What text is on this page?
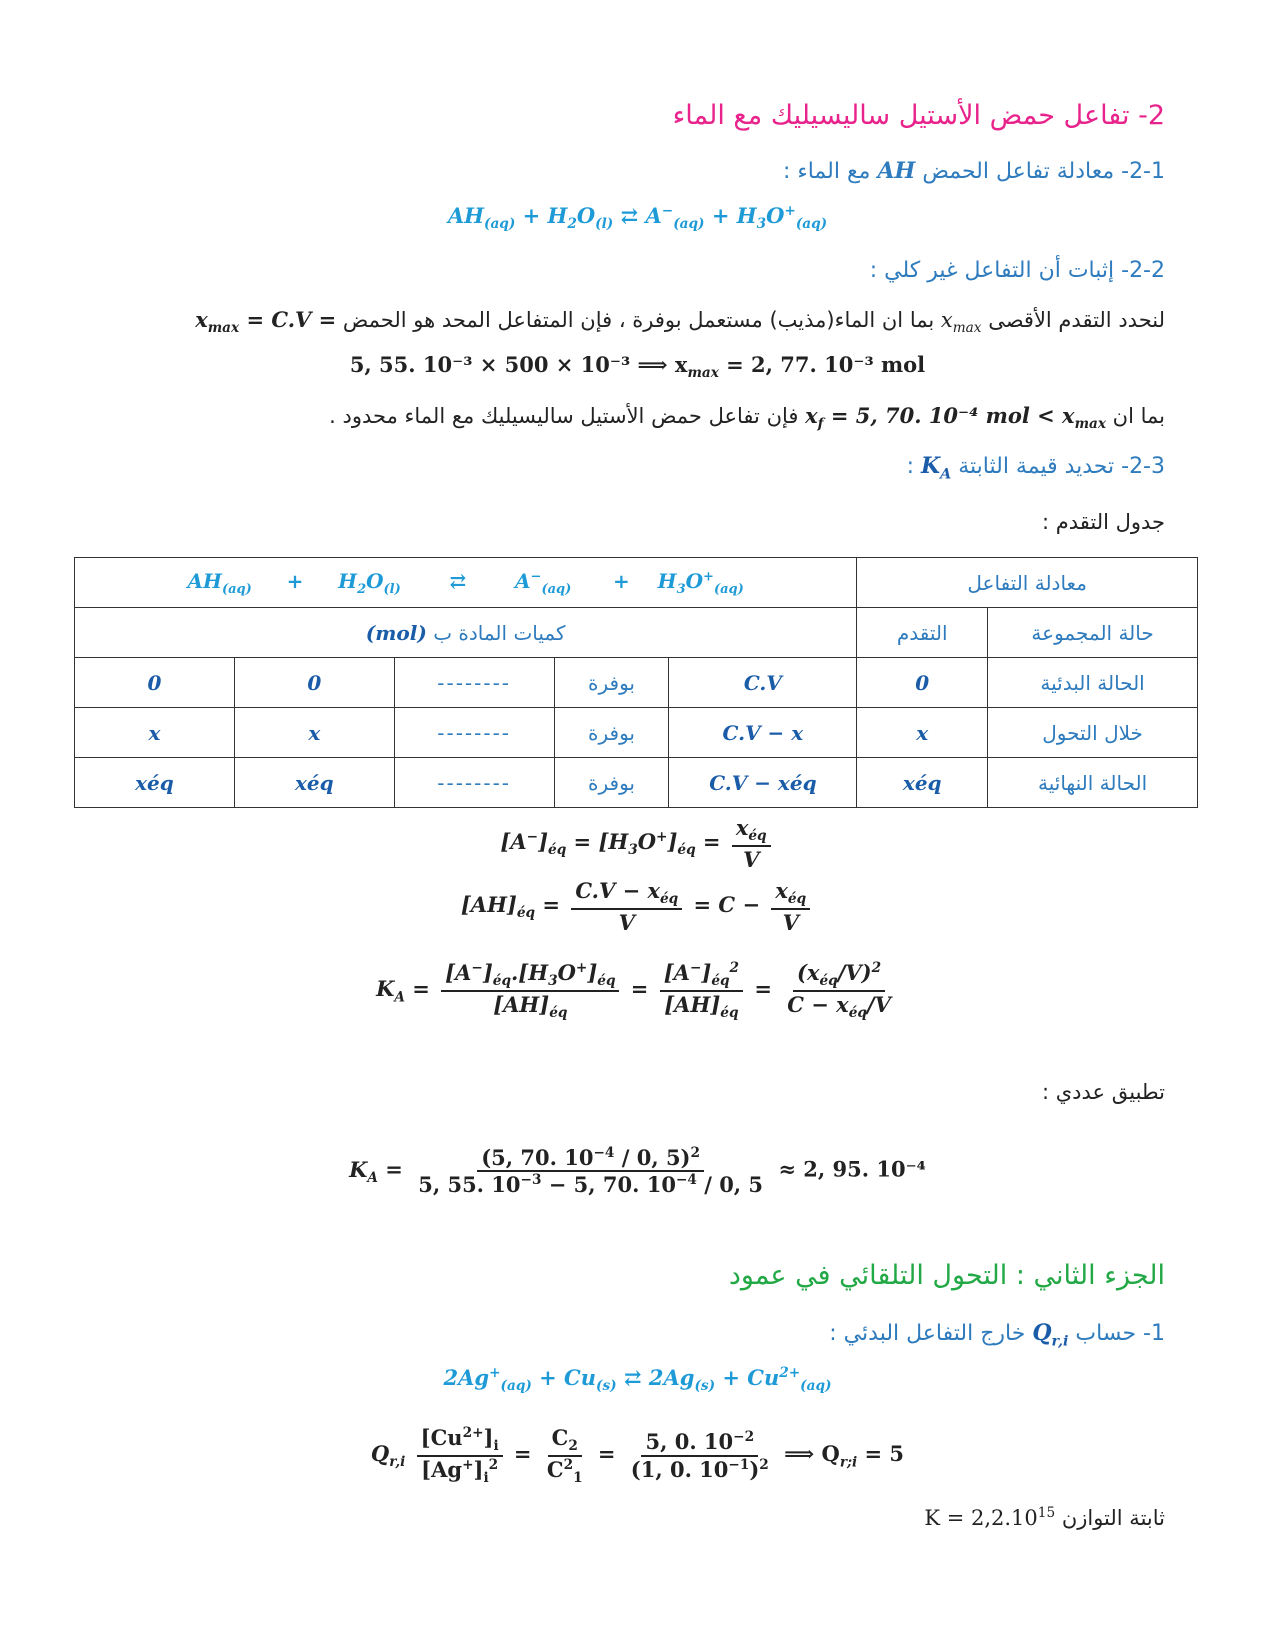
2- تفاعل حمض الأستيل ساليسيليك مع الماء
2-1- معادلة تفاعل الحمض AH مع الماء :
$AH_{(aq)} + H_2O_{(l)}$ ⇄ $A^-_{(aq)} + H_3O^+_{(aq)}$
2-2- إثبات أن التفاعل غير كلي :
لنحدد التقدم الأقصى $x_{max}$ بما ان الماء(مذيب) مستعمل بوفرة ، فإن المتفاعل المحد هو الحمض $x_{max} = C.V$ =
5, 55. 10⁻³ × 500 × 10⁻³ ⟹ $x_{max} = 2$, 77. 10⁻³ mol
بما ان $x_f = 5$, 70. 10⁻⁴ mol < $x_{max}$ فإن تفاعل حمض الأستيل ساليسيليك مع الماء محدود .
2-3- تحديد قيمة الثابتة $K_A$ :
جدول التقدم :
$AH_{(aq)}$     +     $H_2O_{(l)}$       ⇄       $A^-_{(aq)}$      +    $H_3O^+_{(aq)}$					معادلة التفاعل	
كميات المادة ب (mol)					التقدم	حالة المجموعة
0	0	--------	بوفرة	C.V	0	الحالة البدئية
x	x	--------	بوفرة	C.V − x	x	خلال التحول
xéq	xéq	--------	بوفرة	C.V − xéq	xéq	الحالة النهائية
$[A^-]_{éq} = [H_3O^+]_{éq} = \frac{x_{éq}}{V}$
$[AH]_{éq} = \frac{C.V - x_{éq}}{V} = C - \frac{x_{éq}}{V}$
$K_A = \frac{[A^-]_{éq}.[H_3O^+]_{éq}}{[AH]_{éq}} = \frac{[A^-]_{éq}^2}{[AH]_{éq}} = \frac{(x_{éq}/V)^2}{C - x_{éq}/V}$
تطبيق عددي :
$K_A = \frac{(5, 70. 10^{-4} / 0, 5)^2}{5, 55. 10^{-3} - 5, 70. 10^{-4} / 0, 5} \approx 2$, 95. 10⁻⁴
الجزء الثاني : التحول التلقائي في عمود
1- حساب $Q_{r,i}$ خارج التفاعل البدئي :
$2Ag^+_{(aq)} + Cu_{(s)}$ ⇄ $2Ag_{(s)} + Cu^{2+}_{(aq)}$
$Q_{r,i} \frac{[Cu^{2+}]_i}{[Ag^+]_i^2} = \frac{C_2}{C^2_1} = \frac{5, 0. 10^{-2}}{(1, 0. 10^{-1})^2}$ ⟹ $Q_{r;i} = 5$
ثابتة التوازن $K = 2,2.10^{15}$
